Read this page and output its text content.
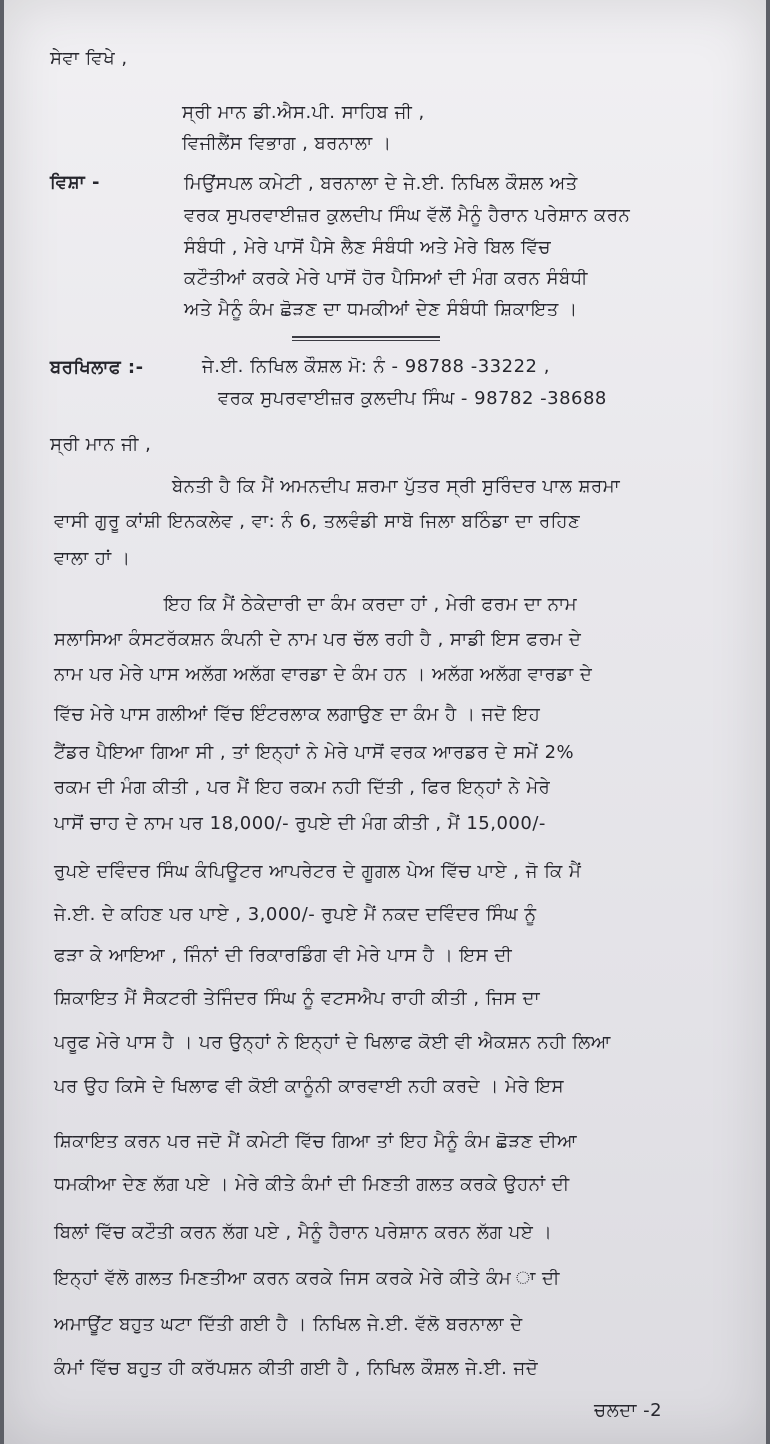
ਸੇਵਾ ਵਿਖੇ ,
ਸ੍ਰੀ ਮਾਨ ਡੀ.ਐਸ.ਪੀ. ਸਾਹਿਬ ਜੀ ,
ਵਿਜੀਲੈਂਸ ਵਿਭਾਗ , ਬਰਨਾਲਾ ।
ਵਿਸ਼ਾ -	ਮਿਉਂਸਪਲ ਕਮੇਟੀ , ਬਰਨਾਲਾ ਦੇ ਜੇ.ਈ. ਨਿਖਿਲ ਕੌਸ਼ਲ ਅਤੇ
ਵਰਕ ਸੁਪਰਵਾਈਜ਼ਰ ਕੁਲਦੀਪ ਸਿੰਘ ਵੱਲੋਂ ਮੈਨੂੰ ਹੈਰਾਨ ਪਰੇਸ਼ਾਨ ਕਰਨ
ਸੰਬੰਧੀ , ਮੇਰੇ ਪਾਸੋਂ ਪੈਸੇ ਲੈਣ ਸੰਬੰਧੀ ਅਤੇ ਮੇਰੇ ਬਿਲ ਵਿੱਚ
ਕਟੌਤੀਆਂ ਕਰਕੇ ਮੇਰੇ ਪਾਸੋਂ ਹੋਰ ਪੈਸਿਆਂ ਦੀ ਮੰਗ ਕਰਨ ਸੰਬੰਧੀ
ਅਤੇ ਮੈਨੂੰ ਕੰਮ ਛੋੜਣ ਦਾ ਧਮਕੀਆਂ ਦੇਣ ਸੰਬੰਧੀ ਸ਼ਿਕਾਇਤ ।
ਬਰਖਿਲਾਫ :-	ਜੇ.ਈ. ਨਿਖਿਲ ਕੌਸ਼ਲ ਮੋ: ਨੰ - 98788 -33222 ,
ਵਰਕ ਸੁਪਰਵਾਈਜ਼ਰ ਕੁਲਦੀਪ ਸਿੰਘ - 98782 -38688
ਸ੍ਰੀ ਮਾਨ ਜੀ ,
ਬੇਨਤੀ ਹੈ ਕਿ ਮੈਂ ਅਮਨਦੀਪ ਸ਼ਰਮਾ ਪੁੱਤਰ ਸ੍ਰੀ ਸੁਰਿੰਦਰ ਪਾਲ ਸ਼ਰਮਾ
ਵਾਸੀ ਗੁਰੂ ਕਾਂਸ਼ੀ ਇਨਕਲੇਵ , ਵਾ: ਨੰ 6, ਤਲਵੰਡੀ ਸਾਬੋ ਜਿਲਾ ਬਠਿੰਡਾ ਦਾ ਰਹਿਣ
ਵਾਲਾ ਹਾਂ ।
ਇਹ ਕਿ ਮੈਂ ਠੇਕੇਦਾਰੀ ਦਾ ਕੰਮ ਕਰਦਾ ਹਾਂ , ਮੇਰੀ ਫਰਮ ਦਾ ਨਾਮ
ਸਲਾਸਿਆ ਕੰਸਟਰੱਕਸ਼ਨ ਕੰਪਨੀ ਦੇ ਨਾਮ ਪਰ ਚੱਲ ਰਹੀ ਹੈ , ਸਾਡੀ ਇਸ ਫਰਮ ਦੇ
ਨਾਮ ਪਰ ਮੇਰੇ ਪਾਸ ਅਲੱਗ ਅਲੱਗ ਵਾਰਡਾ ਦੇ ਕੰਮ ਹਨ । ਅਲੱਗ ਅਲੱਗ ਵਾਰਡਾ ਦੇ
ਵਿੱਚ ਮੇਰੇ ਪਾਸ ਗਲੀਆਂ ਵਿੱਚ ਇੰਟਰਲਾਕ ਲਗਾਉਣ ਦਾ ਕੰਮ ਹੈ । ਜਦੋ ਇਹ
ਟੈਂਡਰ ਪੈਇਆ ਗਿਆ ਸੀ , ਤਾਂ ਇਨ੍ਹਾਂ ਨੇ ਮੇਰੇ ਪਾਸੋਂ ਵਰਕ ਆਰਡਰ ਦੇ ਸਮੇਂ 2%
ਰਕਮ ਦੀ ਮੰਗ ਕੀਤੀ , ਪਰ ਮੈਂ ਇਹ ਰਕਮ ਨਹੀ ਦਿੱਤੀ , ਫਿਰ ਇਨ੍ਹਾਂ ਨੇ ਮੇਰੇ
ਪਾਸੋਂ ਚਾਹ ਦੇ ਨਾਮ ਪਰ 18,000/- ਰੁਪਏ ਦੀ ਮੰਗ ਕੀਤੀ , ਮੈਂ 15,000/-
ਰੁਪਏ ਦਵਿੰਦਰ ਸਿੰਘ ਕੰਪਿਊਟਰ ਆਪਰੇਟਰ ਦੇ ਗੂਗਲ ਪੇਅ ਵਿੱਚ ਪਾਏ , ਜੋ ਕਿ ਮੈਂ
ਜੇ.ਈ. ਦੇ ਕਹਿਣ ਪਰ ਪਾਏ , 3,000/- ਰੁਪਏ ਮੈਂ ਨਕਦ ਦਵਿੰਦਰ ਸਿੰਘ ਨੂੰ
ਫੜਾ ਕੇ ਆਇਆ , ਜਿੰਨਾਂ ਦੀ ਰਿਕਾਰਡਿੰਗ ਵੀ ਮੇਰੇ ਪਾਸ ਹੈ । ਇਸ ਦੀ
ਸ਼ਿਕਾਇਤ ਮੈਂ ਸੈਕਟਰੀ ਤੇਜਿੰਦਰ ਸਿੰਘ ਨੂੰ ਵਟਸਐਪ ਰਾਹੀ ਕੀਤੀ , ਜਿਸ ਦਾ
ਪਰੂਫ ਮੇਰੇ ਪਾਸ ਹੈ । ਪਰ ਉਨ੍ਹਾਂ ਨੇ ਇਨ੍ਹਾਂ ਦੇ ਖਿਲਾਫ ਕੋਈ ਵੀ ਐਕਸ਼ਨ ਨਹੀ ਲਿਆ
ਪਰ ਉਹ ਕਿਸੇ ਦੇ ਖਿਲਾਫ ਵੀ ਕੋਈ ਕਾਨੂੰਨੀ ਕਾਰਵਾਈ ਨਹੀ ਕਰਦੇ । ਮੇਰੇ ਇਸ
ਸ਼ਿਕਾਇਤ ਕਰਨ ਪਰ ਜਦੋ ਮੈਂ ਕਮੇਟੀ ਵਿੱਚ ਗਿਆ ਤਾਂ ਇਹ ਮੈਨੂੰ ਕੰਮ ਛੋੜਣ ਦੀਆ
ਧਮਕੀਆ ਦੇਣ ਲੱਗ ਪਏ । ਮੇਰੇ ਕੀਤੇ ਕੰਮਾਂ ਦੀ ਮਿਣਤੀ ਗਲਤ ਕਰਕੇ ਉਹਨਾਂ ਦੀ
ਬਿਲਾਂ ਵਿੱਚ ਕਟੌਤੀ ਕਰਨ ਲੱਗ ਪਏ , ਮੈਨੂੰ ਹੈਰਾਨ ਪਰੇਸ਼ਾਨ ਕਰਨ ਲੱਗ ਪਏ ।
ਇਨ੍ਹਾਂ ਵੱਲੋ ਗਲਤ ਮਿਣਤੀਆ ਕਰਨ ਕਰਕੇ ਜਿਸ ਕਰਕੇ ਮੇਰੇ ਕੀਤੇ ਕੰਮ ਾ ਦੀ
ਅਮਾਊਂਟ ਬਹੁਤ ਘਟਾ ਦਿੱਤੀ ਗਈ ਹੈ । ਨਿਖਿਲ ਜੇ.ਈ. ਵੱਲੋ ਬਰਨਾਲਾ ਦੇ
ਕੰਮਾਂ ਵਿੱਚ ਬਹੁਤ ਹੀ ਕਰੱਪਸ਼ਨ ਕੀਤੀ ਗਈ ਹੈ , ਨਿਖਿਲ ਕੌਸ਼ਲ ਜੇ.ਈ. ਜਦੋ
ਚਲਦਾ -2
